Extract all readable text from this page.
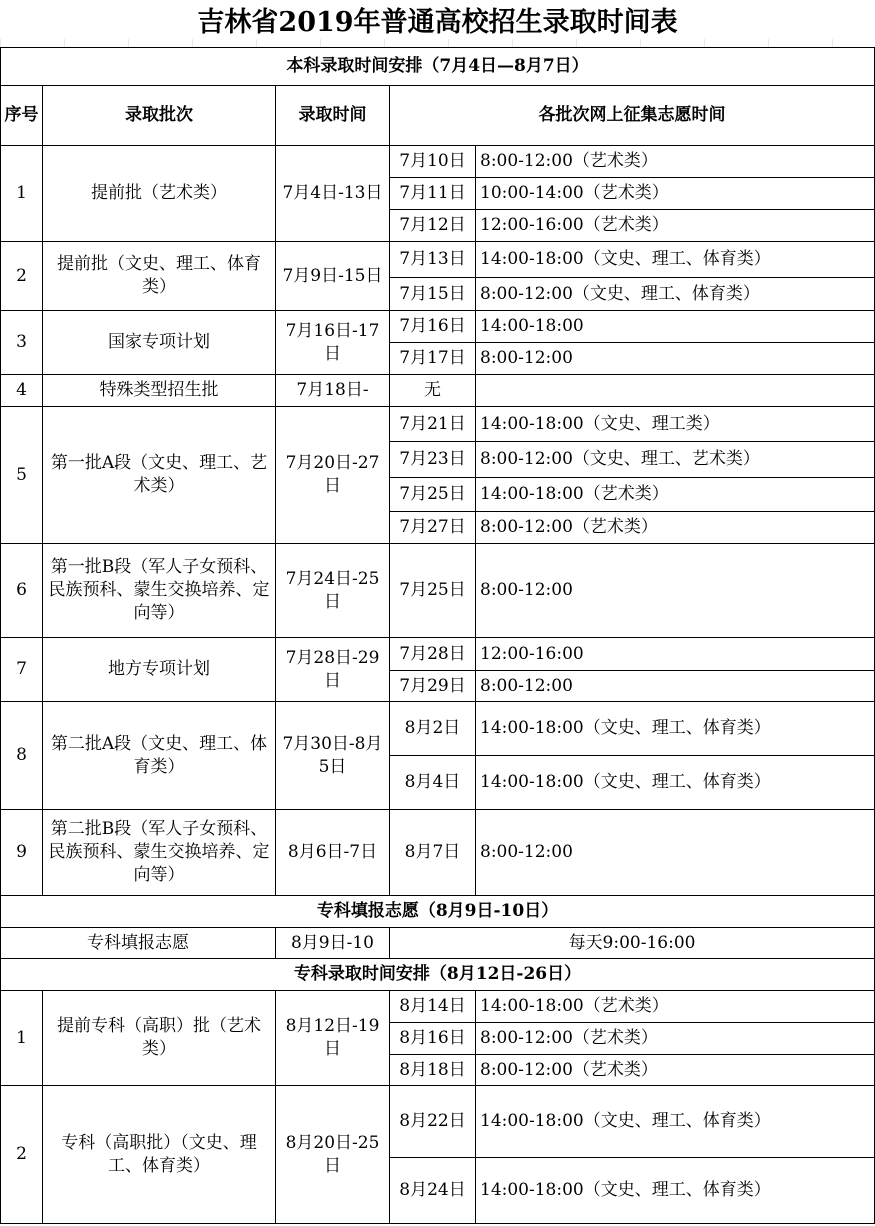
吉林省2019年普通高校招生录取时间表
本科录取时间安排（7月4日—8月7日）				
序号	录取批次	录取时间	各批次网上征集志愿时间	
1	提前批（艺术类）	7月4日-13日	7月10日	8:00-12:00（艺术类）
			7月11日	10:00-14:00（艺术类）
			7月12日	12:00-16:00（艺术类）
2	提前批（文史、理工、体育类）	7月9日-15日	7月13日	14:00-18:00（文史、理工、体育类）
			7月15日	8:00-12:00（文史、理工、体育类）
3	国家专项计划	7月16日-17日	7月16日	14:00-18:00
			7月17日	8:00-12:00
4	特殊类型招生批	7月18日-	无	
5	第一批A段（文史、理工、艺术类）	7月20日-27日	7月21日	14:00-18:00（文史、理工类）
			7月23日	8:00-12:00（文史、理工、艺术类）
			7月25日	14:00-18:00（艺术类）
			7月27日	8:00-12:00（艺术类）
6	第一批B段（军人子女预科、民族预科、蒙生交换培养、定向等）	7月24日-25日	7月25日	8:00-12:00
7	地方专项计划	7月28日-29日	7月28日	12:00-16:00
			7月29日	8:00-12:00
8	第二批A段（文史、理工、体育类）	7月30日-8月5日	8月2日	14:00-18:00（文史、理工、体育类）
			8月4日	14:00-18:00（文史、理工、体育类）
9	第二批B段（军人子女预科、民族预科、蒙生交换培养、定向等）	8月6日-7日	8月7日	8:00-12:00
专科填报志愿（8月9日-10日）				
专科填报志愿		8月9日-10	每天9:00-16:00	
专科录取时间安排（8月12日-26日）				
1	提前专科（高职）批（艺术类）	8月12日-19日	8月14日	14:00-18:00（艺术类）
			8月16日	8:00-12:00（艺术类）
			8月18日	8:00-12:00（艺术类）
2	专科（高职批）（文史、理工、体育类）	8月20日-25日	8月22日	14:00-18:00（文史、理工、体育类）
			8月24日	14:00-18:00（文史、理工、体育类）
